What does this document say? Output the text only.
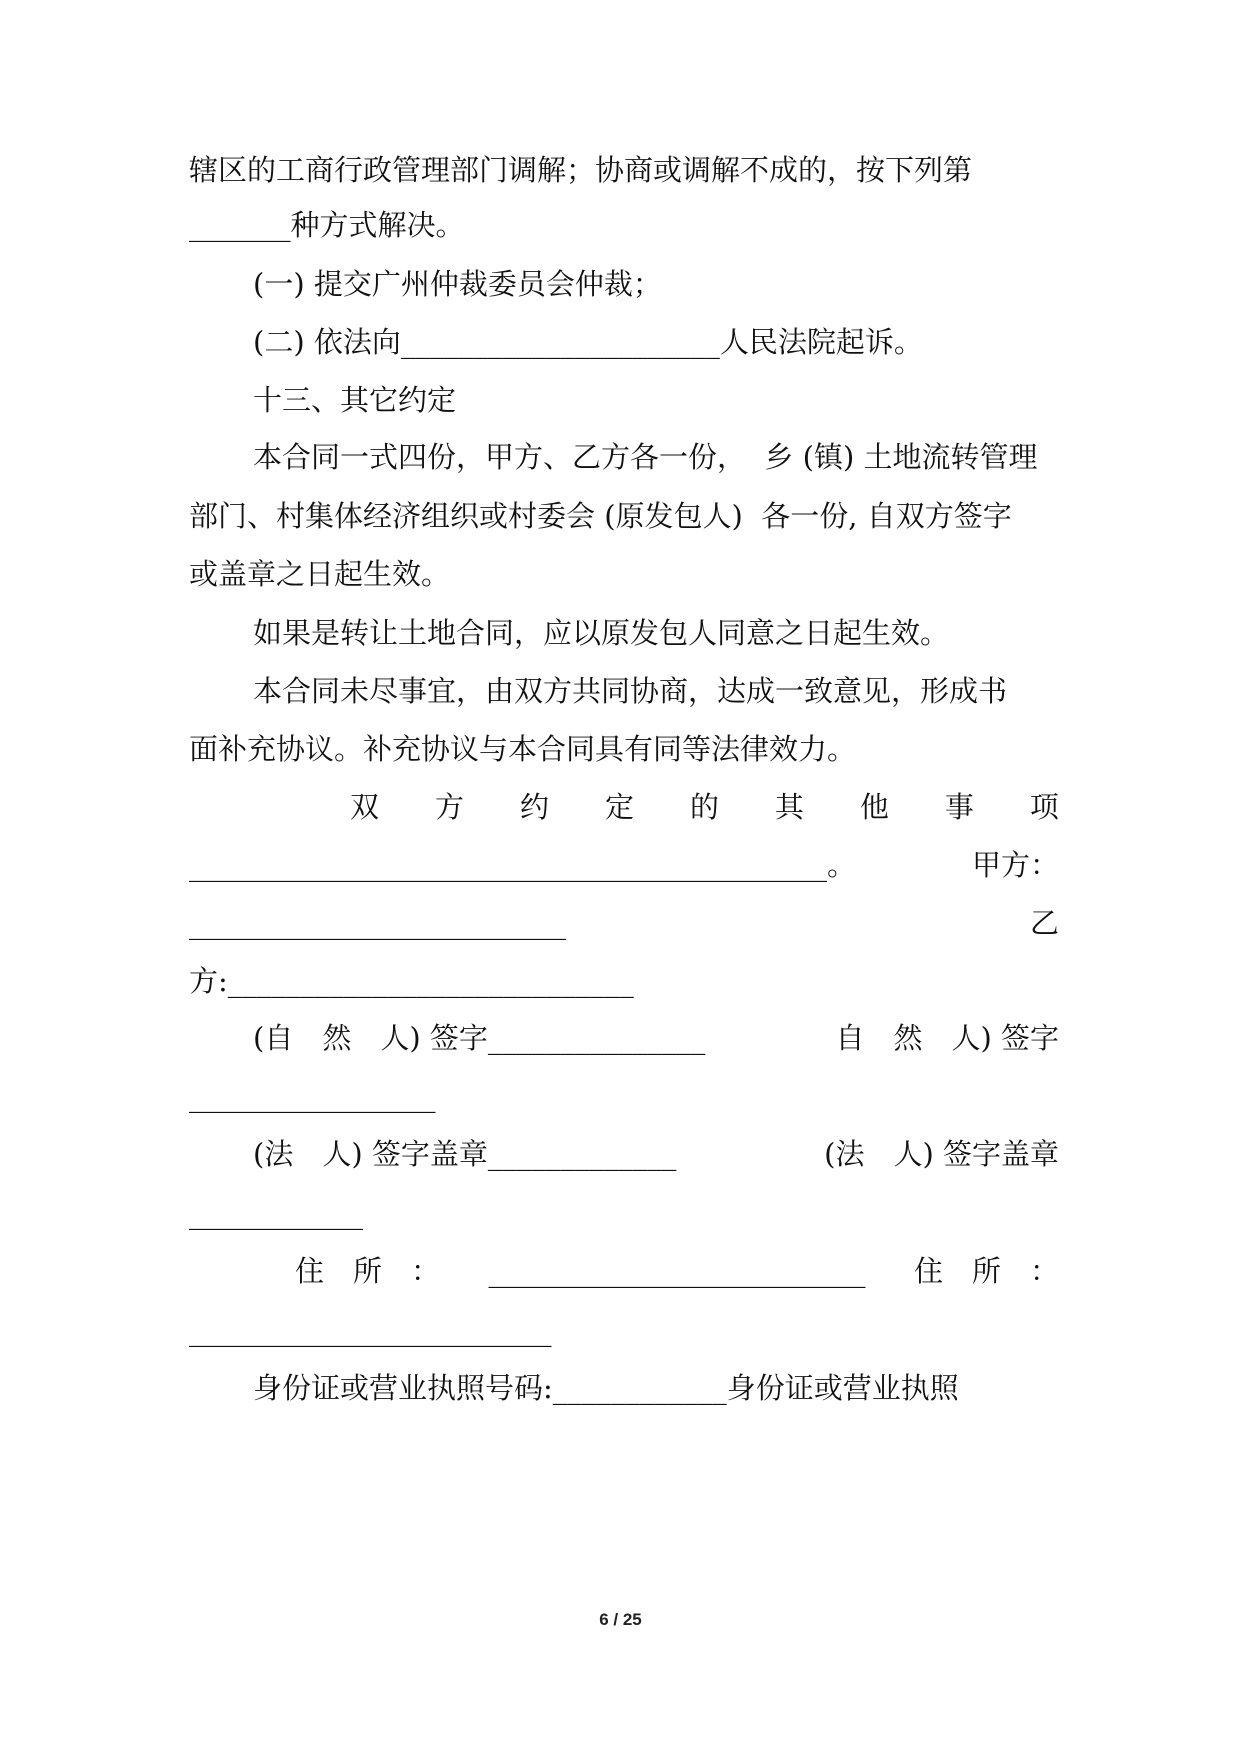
辖区的工商行政管理部门调解；协商或调解不成的，按下列第
_______种方式解决。
(一) 提交广州仲裁委员会仲裁；
(二) 依法向______________________人民法院起诉。
十三、其它约定
本合同一式四份，甲方、乙方各一份，  乡 (镇) 土地流转管理
部门、村集体经济组织或村委会 (原发包人)  各一份, 自双方签字
或盖章之日起生效。
如果是转让土地合同，应以原发包人同意之日起生效。
本合同未尽事宜，由双方共同协商，达成一致意见，形成书
面补充协议。补充协议与本合同具有同等法律效力。
双 方 约 定 的 其 他 事 项
____________________________________________。	甲方：
__________________________	乙
方:____________________________
(自　然　人) 签字_______________	自　然　人) 签字
_________________
(法　人) 签字盖章_____________	(法　人) 签字盖章
____________
住　所　： __________________________ 住　所　：
_________________________
身份证或营业执照号码:____________身份证或营业执照
6 / 25
